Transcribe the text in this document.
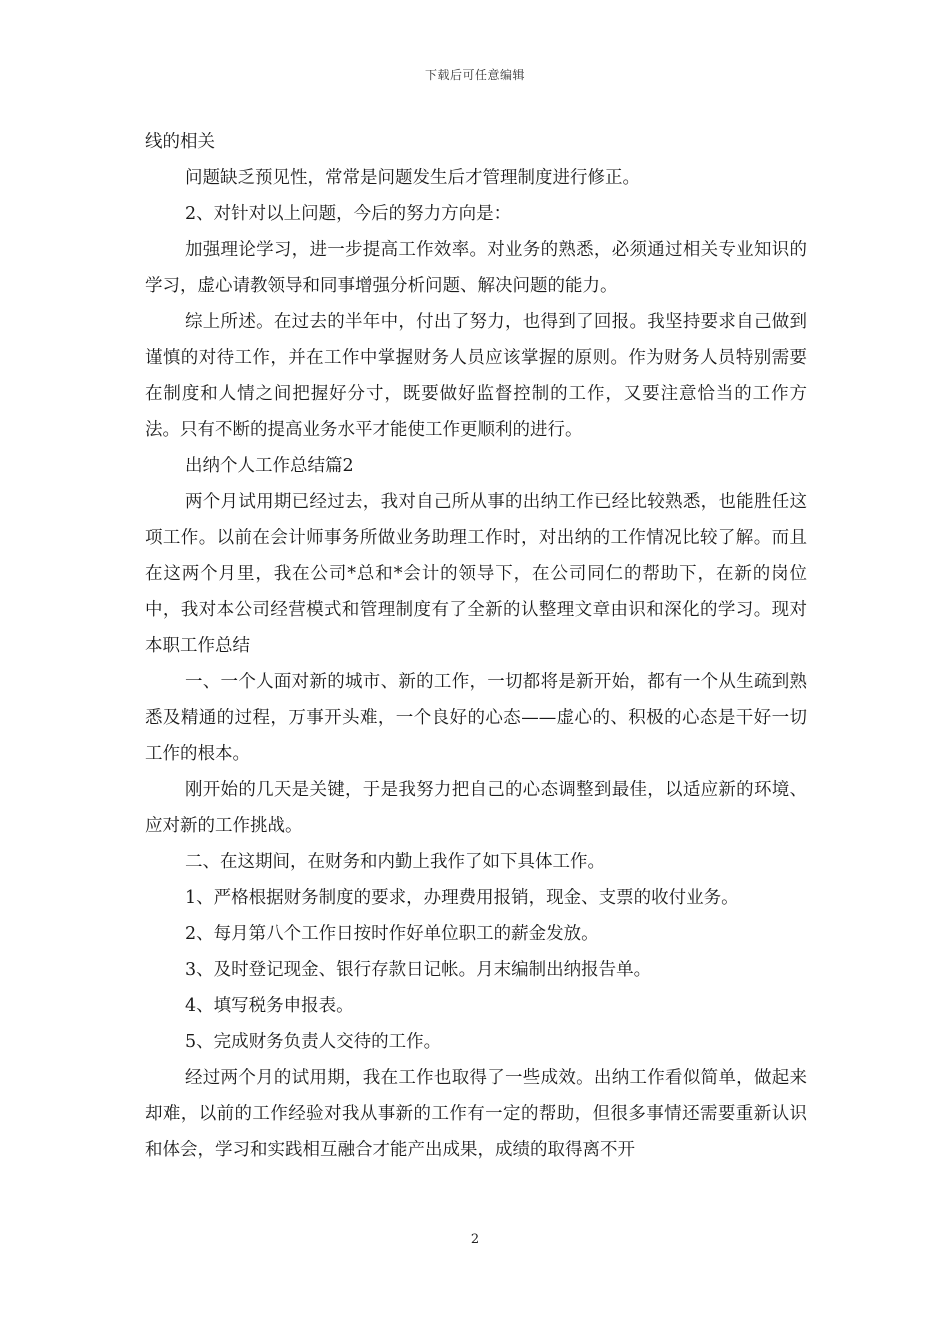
下载后可任意编辑

线的相关

问题缺乏预见性，常常是问题发生后才管理制度进行修正。

2、对针对以上问题，今后的努力方向是：

加强理论学习，进一步提高工作效率。对业务的熟悉，必须通过相关专业知识的学习，虚心请教领导和同事增强分析问题、解决问题的能力。

综上所述。在过去的半年中，付出了努力，也得到了回报。我坚持要求自己做到谨慎的对待工作，并在工作中掌握财务人员应该掌握的原则。作为财务人员特别需要在制度和人情之间把握好分寸，既要做好监督控制的工作，又要注意恰当的工作方法。只有不断的提高业务水平才能使工作更顺利的进行。

出纳个人工作总结篇2

两个月试用期已经过去，我对自己所从事的出纳工作已经比较熟悉，也能胜任这项工作。以前在会计师事务所做业务助理工作时，对出纳的工作情况比较了解。而且在这两个月里，我在公司*总和*会计的领导下，在公司同仁的帮助下，在新的岗位中，我对本公司经营模式和管理制度有了全新的认整理文章由识和深化的学习。现对本职工作总结

一、一个人面对新的城市、新的工作，一切都将是新开始，都有一个从生疏到熟悉及精通的过程，万事开头难，一个良好的心态——虚心的、积极的心态是干好一切工作的根本。

刚开始的几天是关键，于是我努力把自己的心态调整到最佳，以适应新的环境、应对新的工作挑战。

二、在这期间，在财务和内勤上我作了如下具体工作。

1、严格根据财务制度的要求，办理费用报销，现金、支票的收付业务。

2、每月第八个工作日按时作好单位职工的薪金发放。

3、及时登记现金、银行存款日记帐。月末编制出纳报告单。

4、填写税务申报表。

5、完成财务负责人交待的工作。

经过两个月的试用期，我在工作也取得了一些成效。出纳工作看似简单，做起来却难，以前的工作经验对我从事新的工作有一定的帮助，但很多事情还需要重新认识和体会，学习和实践相互融合才能产出成果，成绩的取得离不开

2
